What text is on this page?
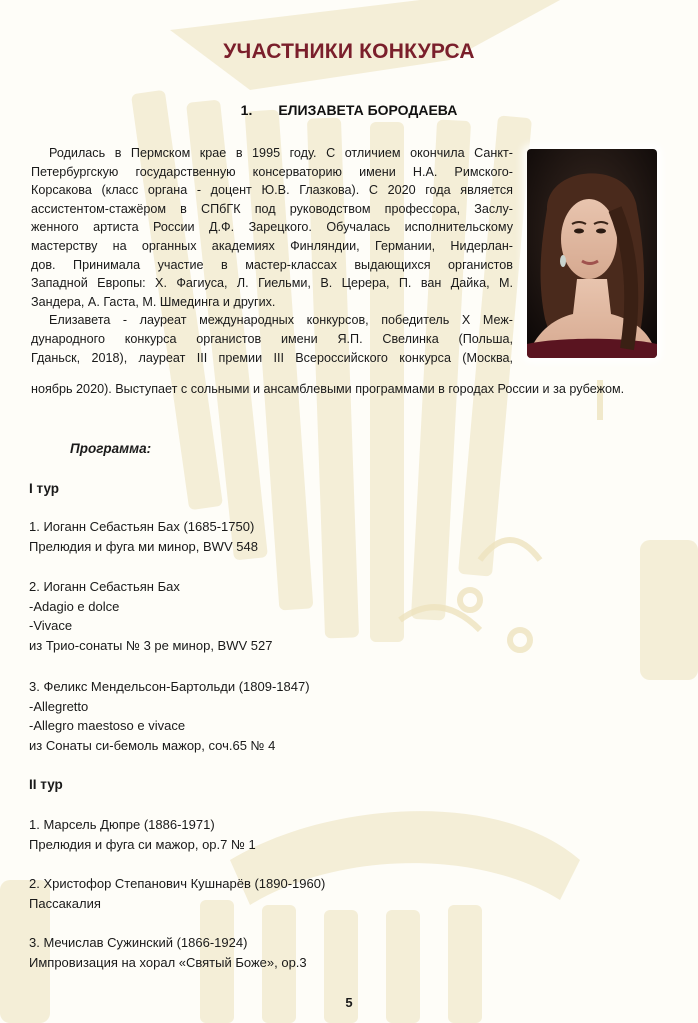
УЧАСТНИКИ КОНКУРСА
1. ЕЛИЗАВЕТА БОРОДАЕВА

Родилась в Пермском крае в 1995 году. С отличием окончила Санкт-
Петербургскую государственную консерваторию имени Н.А. Римского-
Корсакова (класс органа - доцент Ю.В. Глазкова). С 2020 года является
ассистентом-стажёром в СПбГК под руководством профессора, Заслу-
женного артиста России Д.Ф. Зарецкого. Обучалась исполнительскому
мастерству на органных академиях Финляндии, Германии, Нидерлан-
дов. Принимала участие в мастер-классах выдающихся органистов
Западной Европы: Х. Фагиуса, Л. Гиельми, В. Церера, П. ван Дайка, М.
Зандера, А. Гаста, М. Шмединга и других.

Елизавета - лауреат международных конкурсов, победитель X Меж-
дународного конкурса органистов имени Я.П. Свелинка (Польша,
Гданьск, 2018), лауреат III премии III Всероссийского конкурса (Москва,

ноябрь 2020). Выступает с сольными и ансамблевыми программами в городах России и за рубежом.
Программа:
I тур
1. Иоганн Себастьян Бах (1685-1750)
Прелюдия и фуга ми минор, BWV 548
2. Иоганн Себастьян Бах
-Adagio e dolce
-Vivace
из Трио-сонаты № 3 ре минор, BWV 527
3. Феликс Мендельсон-Бартольди (1809-1847)
-Allegretto
-Allegro maestoso e vivace
из Сонаты си-бемоль мажор, соч.65 № 4
II тур
1. Марсель Дюпре (1886-1971)
Прелюдия и фуга си мажор, ор.7 № 1
2. Христофор Степанович Кушнарёв (1890-1960)
Пассакалия
3. Мечислав Сужинский (1866-1924)
Импровизация на хорал «Святый Боже», ор.3
5
